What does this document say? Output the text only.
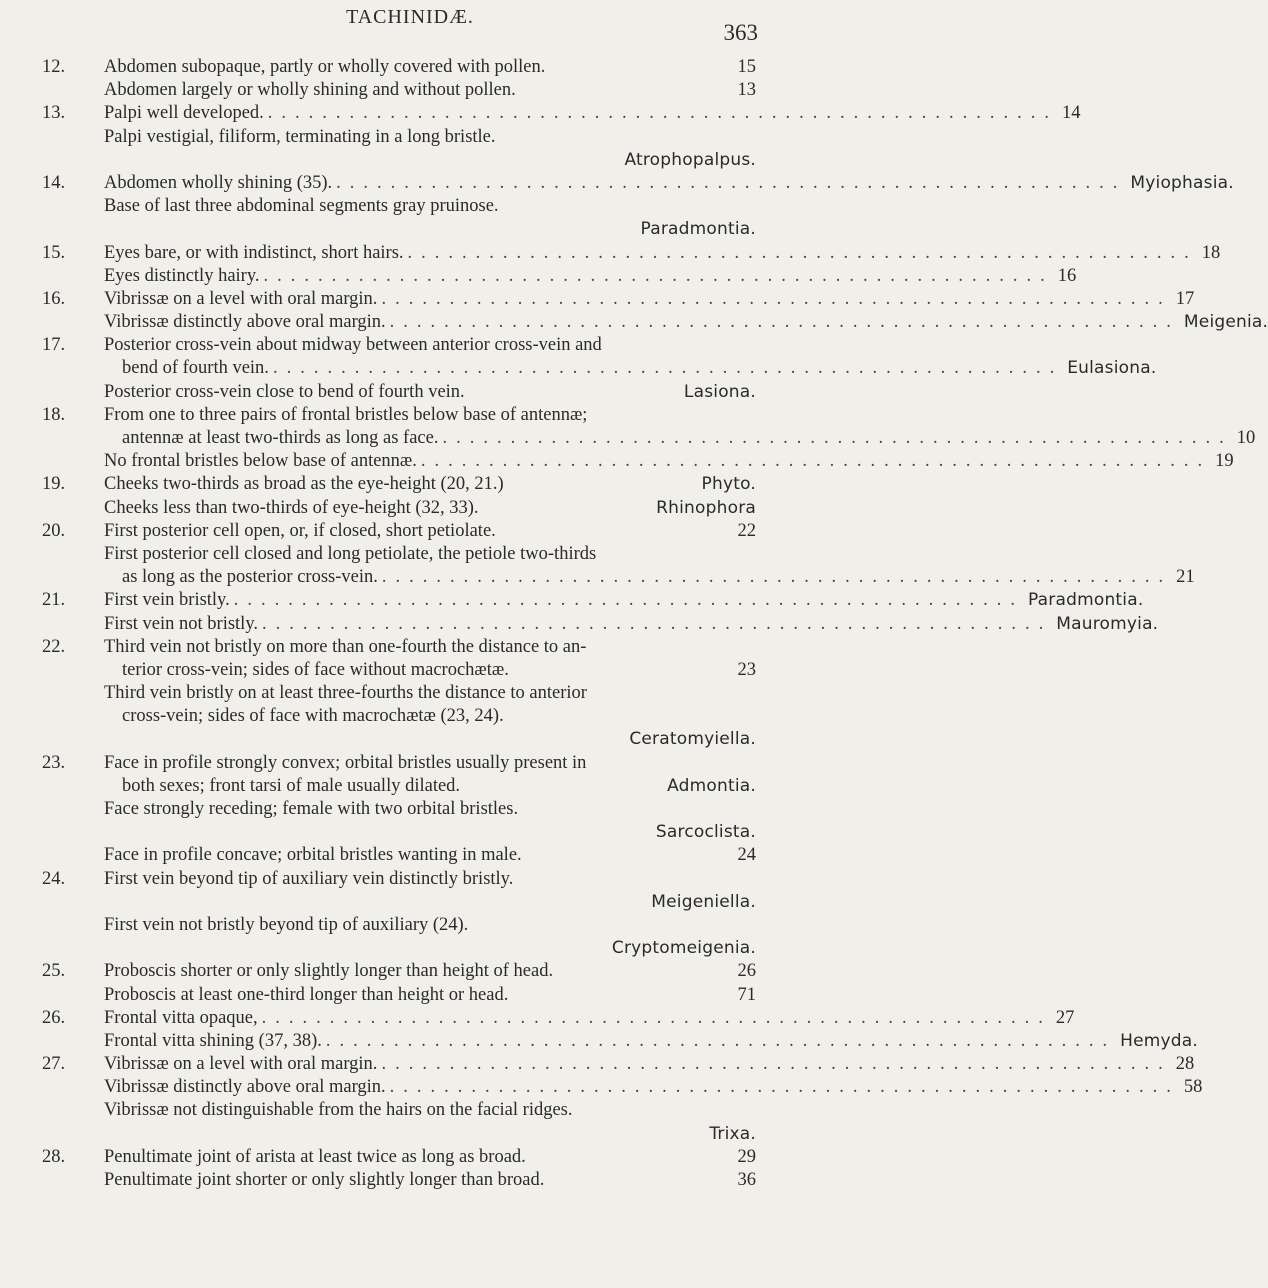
TACHINIDÆ.
363
12.	Abdomen subopaque, partly or wholly covered with pollen.	15
Abdomen largely or wholly shining and without pollen.	13
13.	Palpi well developed. .......................................................... 14
Palpi vestigial, filiform, terminating in a long bristle.
Atrophopalpus.
14.	Abdomen wholly shining (35). .......................................................... Myiophasia.
Base of last three abdominal segments gray pruinose.
Paradmontia.
15.	Eyes bare, or with indistinct, short hairs. .......................................................... 18
Eyes distinctly hairy. .......................................................... 16
16.	Vibrissæ on a level with oral margin. .......................................................... 17
Vibrissæ distinctly above oral margin. .......................................................... Meigenia.
17.	Posterior cross-vein about midway between anterior cross-vein and
bend of fourth vein. .......................................................... Eulasiona.
Posterior cross-vein close to bend of fourth vein.	Lasiona.
18.	From one to three pairs of frontal bristles below base of antennæ;
antennæ at least two-thirds as long as face. .......................................................... 10
No frontal bristles below base of antennæ. .......................................................... 19
19.	Cheeks two-thirds as broad as the eye-height (20, 21.)	Phyto.
Cheeks less than two-thirds of eye-height (32, 33).	Rhinophora
20.	First posterior cell open, or, if closed, short petiolate.	22
First posterior cell closed and long petiolate, the petiole two-thirds
as long as the posterior cross-vein. .......................................................... 21
21.	First vein bristly. .......................................................... Paradmontia.
First vein not bristly. .......................................................... Mauromyia.
22.	Third vein not bristly on more than one-fourth the distance to an-
terior cross-vein; sides of face without macrochætæ.	23
Third vein bristly on at least three-fourths the distance to anterior
cross-vein; sides of face with macrochætæ (23, 24).
Ceratomyiella.
23.	Face in profile strongly convex; orbital bristles usually present in
both sexes; front tarsi of male usually dilated.	Admontia.
Face strongly receding; female with two orbital bristles.
Sarcoclista.
Face in profile concave; orbital bristles wanting in male.	24
24.	First vein beyond tip of auxiliary vein distinctly bristly.
Meigeniella.
First vein not bristly beyond tip of auxiliary (24).
Cryptomeigenia.
25.	Proboscis shorter or only slightly longer than height of head.	26
Proboscis at least one-third longer than height or head.	71
26.	Frontal vitta opaque, .......................................................... 27
Frontal vitta shining (37, 38). .......................................................... Hemyda.
27.	Vibrissæ on a level with oral margin. .......................................................... 28
Vibrissæ distinctly above oral margin. .......................................................... 58
Vibrissæ not distinguishable from the hairs on the facial ridges.
Trixa.
28.	Penultimate joint of arista at least twice as long as broad.	29
Penultimate joint shorter or only slightly longer than broad.	36
